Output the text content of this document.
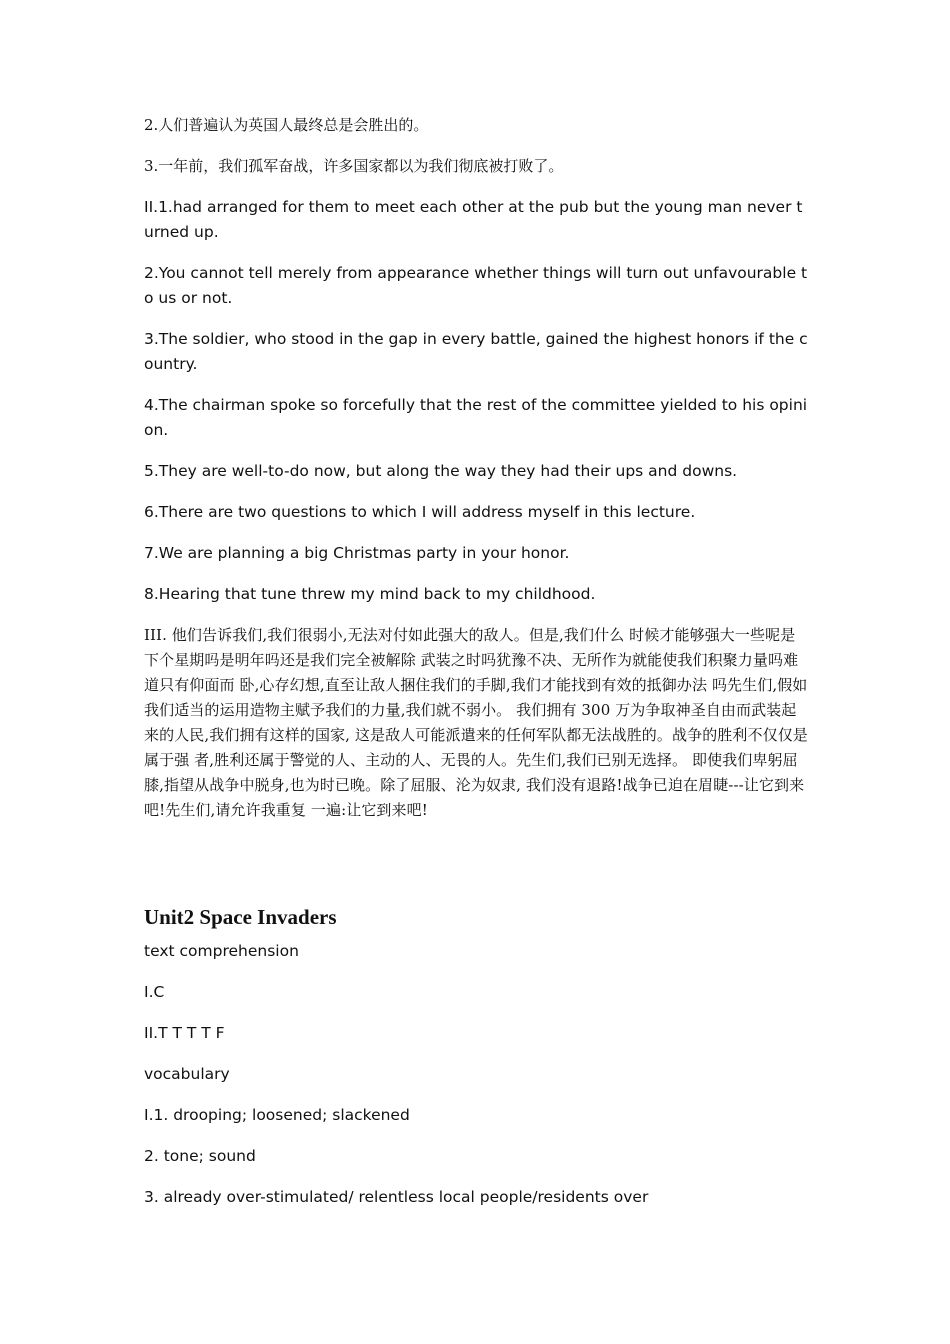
2.人们普遍认为英国人最终总是会胜出的。

3.一年前，我们孤军奋战，许多国家都以为我们彻底被打败了。

II.1.had arranged for them to meet each other at the pub but the young man never turned up.

2.You cannot tell merely from appearance whether things will turn out unfavourable to us or not.

3.The soldier, who stood in the gap in every battle, gained the highest honors if the country.

4.The chairman spoke so forcefully that the rest of the committee yielded to his opinion.

5.They are well-to-do now, but along the way they had their ups and downs.

6.There are two questions to which I will address myself in this lecture.

7.We are planning a big Christmas party in your honor.

8.Hearing that tune threw my mind back to my childhood.

III. 他们告诉我们,我们很弱小,无法对付如此强大的敌人。但是,我们什么 时候才能够强大一些呢是下个星期吗是明年吗还是我们完全被解除 武装之时吗犹豫不决、无所作为就能使我们积聚力量吗难道只有仰面而 卧,心存幻想,直至让敌人捆住我们的手脚,我们才能找到有效的抵御办法 吗先生们,假如我们适当的运用造物主赋予我们的力量,我们就不弱小。 我们拥有 300 万为争取神圣自由而武装起来的人民,我们拥有这样的国家, 这是敌人可能派遣来的任何军队都无法战胜的。战争的胜利不仅仅是属于强 者,胜利还属于警觉的人、主动的人、无畏的人。先生们,我们已别无选择。 即使我们卑躬屈膝,指望从战争中脱身,也为时已晚。除了屈服、沦为奴隶, 我们没有退路!战争已迫在眉睫---让它到来吧!先生们,请允许我重复 一遍:让它到来吧!

Unit2 Space Invaders

text comprehension

I.C

II.T T T T F

vocabulary

I.1. drooping; loosened; slackened

2. tone; sound

3. already over-stimulated/ relentless local people/residents over
